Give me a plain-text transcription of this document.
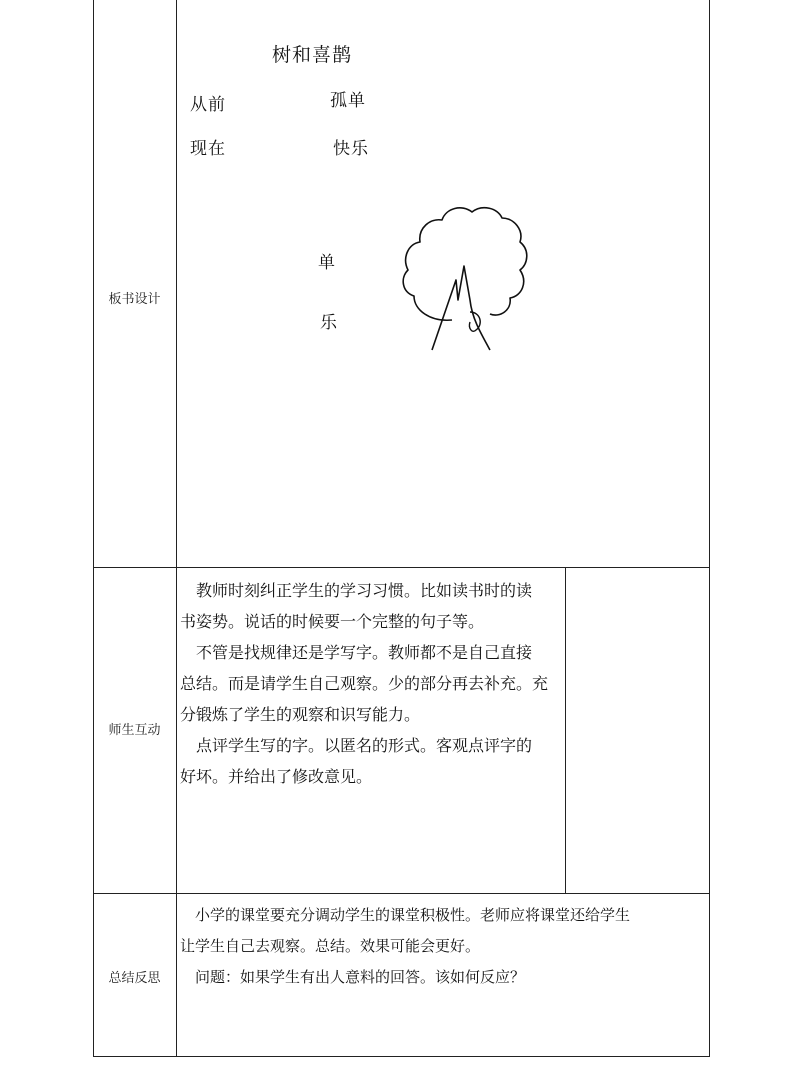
板书设计
师生互动
总结反思
树和喜鹊
从前	孤单
现在	快乐
单
乐
　教师时刻纠正学生的学习习惯。比如读书时的读
书姿势。说话的时候要一个完整的句子等。
　不管是找规律还是学写字。教师都不是自己直接
总结。而是请学生自己观察。少的部分再去补充。充
分锻炼了学生的观察和识写能力。
　点评学生写的字。以匿名的形式。客观点评字的
好坏。并给出了修改意见。
　小学的课堂要充分调动学生的课堂积极性。老师应将课堂还给学生
让学生自己去观察。总结。效果可能会更好。
　问题：如果学生有出人意料的回答。该如何反应？
